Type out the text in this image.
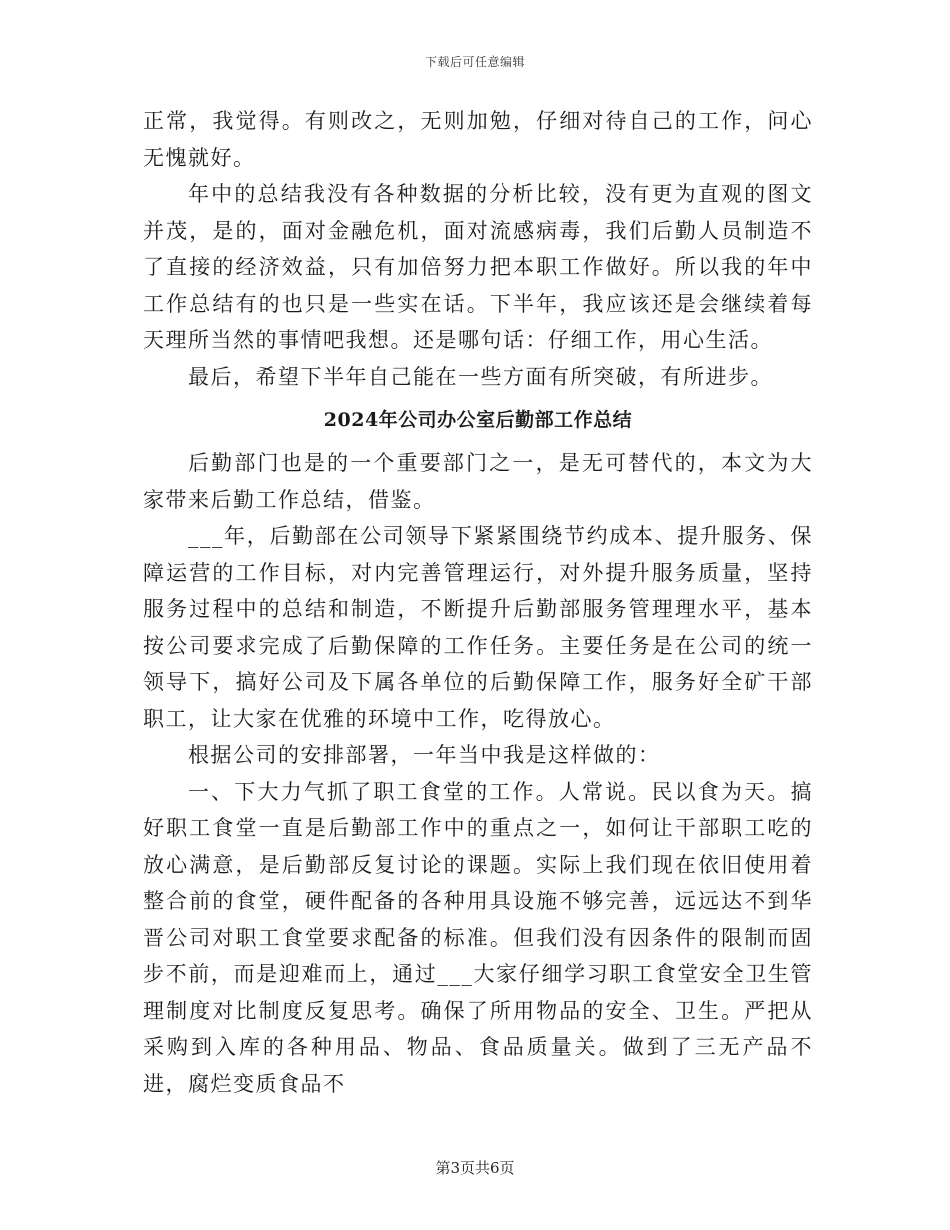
下载后可任意编辑

正常，我觉得。有则改之，无则加勉，仔细对待自己的工作，问心无愧就好。

年中的总结我没有各种数据的分析比较，没有更为直观的图文并茂，是的，面对金融危机，面对流感病毒，我们后勤人员制造不了直接的经济效益，只有加倍努力把本职工作做好。所以我的年中工作总结有的也只是一些实在话。下半年，我应该还是会继续着每天理所当然的事情吧我想。还是哪句话：仔细工作，用心生活。

最后，希望下半年自己能在一些方面有所突破，有所进步。

2024年公司办公室后勤部工作总结

后勤部门也是的一个重要部门之一，是无可替代的，本文为大家带来后勤工作总结，借鉴。

___年，后勤部在公司领导下紧紧围绕节约成本、提升服务、保障运营的工作目标，对内完善管理运行，对外提升服务质量，坚持服务过程中的总结和制造，不断提升后勤部服务管理理水平，基本按公司要求完成了后勤保障的工作任务。主要任务是在公司的统一领导下，搞好公司及下属各单位的后勤保障工作，服务好全矿干部职工，让大家在优雅的环境中工作，吃得放心。

根据公司的安排部署，一年当中我是这样做的：

一、下大力气抓了职工食堂的工作。人常说。民以食为天。搞好职工食堂一直是后勤部工作中的重点之一，如何让干部职工吃的放心满意，是后勤部反复讨论的课题。实际上我们现在依旧使用着整合前的食堂，硬件配备的各种用具设施不够完善，远远达不到华晋公司对职工食堂要求配备的标准。但我们没有因条件的限制而固步不前，而是迎难而上，通过___大家仔细学习职工食堂安全卫生管理制度对比制度反复思考。确保了所用物品的安全、卫生。严把从采购到入库的各种用品、物品、食品质量关。做到了三无产品不进，腐烂变质食品不

第3页共6页
